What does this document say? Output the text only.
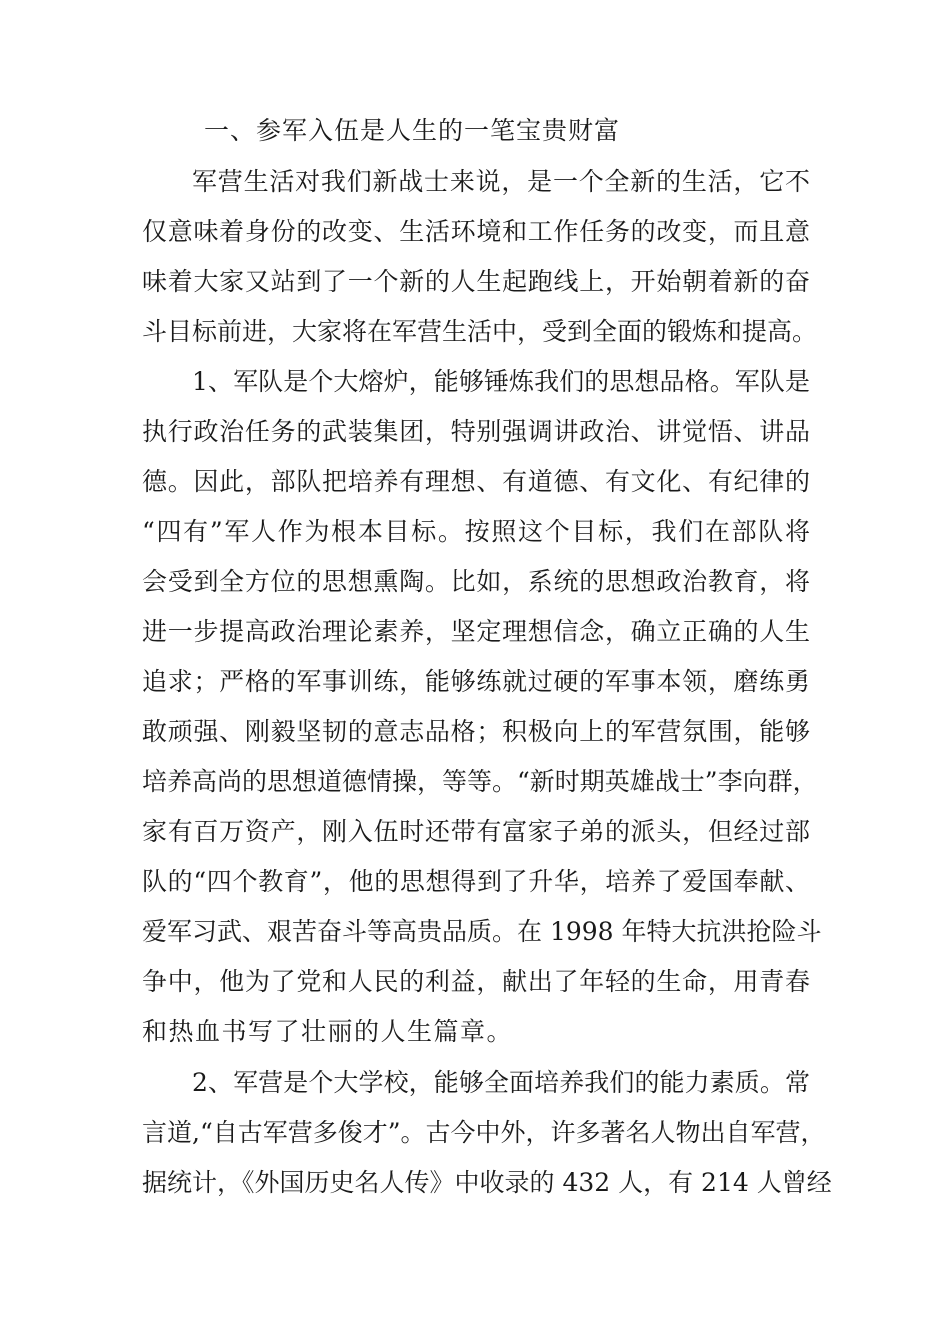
一、参军入伍是人生的一笔宝贵财富
军营生活对我们新战士来说，是一个全新的生活，它不
仅意味着身份的改变、生活环境和工作任务的改变，而且意
味着大家又站到了一个新的人生起跑线上，开始朝着新的奋
斗目标前进，大家将在军营生活中，受到全面的锻炼和提高。
1、军队是个大熔炉，能够锤炼我们的思想品格。军队是
执行政治任务的武装集团，特别强调讲政治、讲觉悟、讲品
德。因此，部队把培养有理想、有道德、有文化、有纪律的
“四有”军人作为根本目标。按照这个目标，我们在部队将
会受到全方位的思想熏陶。比如，系统的思想政治教育，将
进一步提高政治理论素养，坚定理想信念，确立正确的人生
追求；严格的军事训练，能够练就过硬的军事本领，磨练勇
敢顽强、刚毅坚韧的意志品格；积极向上的军营氛围，能够
培养高尚的思想道德情操，等等。“新时期英雄战士”李向群，
家有百万资产，刚入伍时还带有富家子弟的派头，但经过部
队的“四个教育”，他的思想得到了升华，培养了爱国奉献、
爱军习武、艰苦奋斗等高贵品质。在 1998 年特大抗洪抢险斗
争中，他为了党和人民的利益，献出了年轻的生命，用青春
和热血书写了壮丽的人生篇章。
2、军营是个大学校，能够全面培养我们的能力素质。常
言道,“自古军营多俊才”。古今中外，许多著名人物出自军营，
据统计，《外国历史名人传》中收录的 432 人，有 214 人曾经
